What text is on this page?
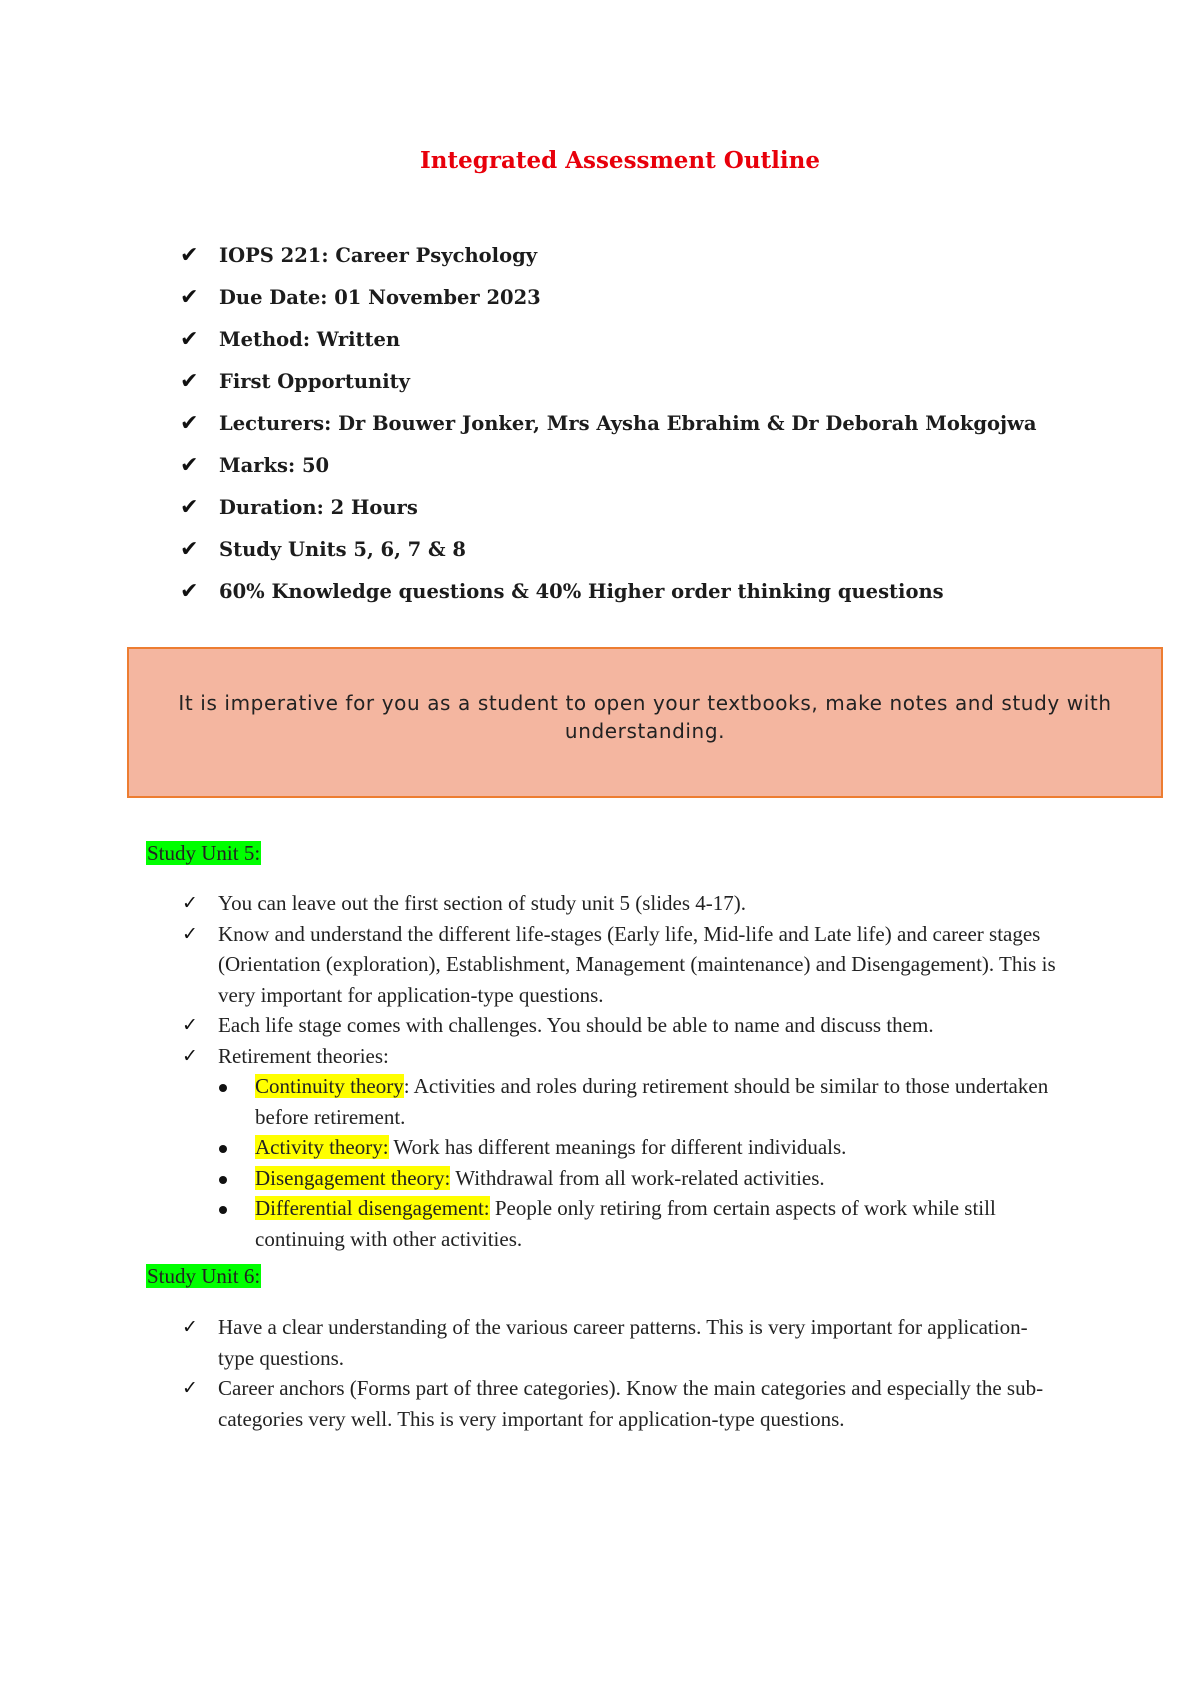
Integrated Assessment Outline
✔	IOPS 221: Career Psychology
✔	Due Date: 01 November 2023
✔	Method: Written
✔	First Opportunity
✔	Lecturers: Dr Bouwer Jonker, Mrs Aysha Ebrahim & Dr Deborah Mokgojwa
✔	Marks: 50
✔	Duration: 2 Hours
✔	Study Units 5, 6, 7 & 8
✔	60% Knowledge questions & 40% Higher order thinking questions
It is imperative for you as a student to open your textbooks, make notes and study with understanding.
Study Unit 5:
✓ You can leave out the first section of study unit 5 (slides 4-17).
✓ Know and understand the different life-stages (Early life, Mid-life and Late life) and career stages (Orientation (exploration), Establishment, Management (maintenance) and Disengagement). This is very important for application-type questions.
✓ Each life stage comes with challenges. You should be able to name and discuss them.
✓ Retirement theories:
Continuity theory: Activities and roles during retirement should be similar to those undertaken before retirement.
Activity theory: Work has different meanings for different individuals.
Disengagement theory: Withdrawal from all work-related activities.
Differential disengagement: People only retiring from certain aspects of work while still continuing with other activities.
Study Unit 6:
✓ Have a clear understanding of the various career patterns. This is very important for application-type questions.
✓ Career anchors (Forms part of three categories). Know the main categories and especially the sub-categories very well. This is very important for application-type questions.
